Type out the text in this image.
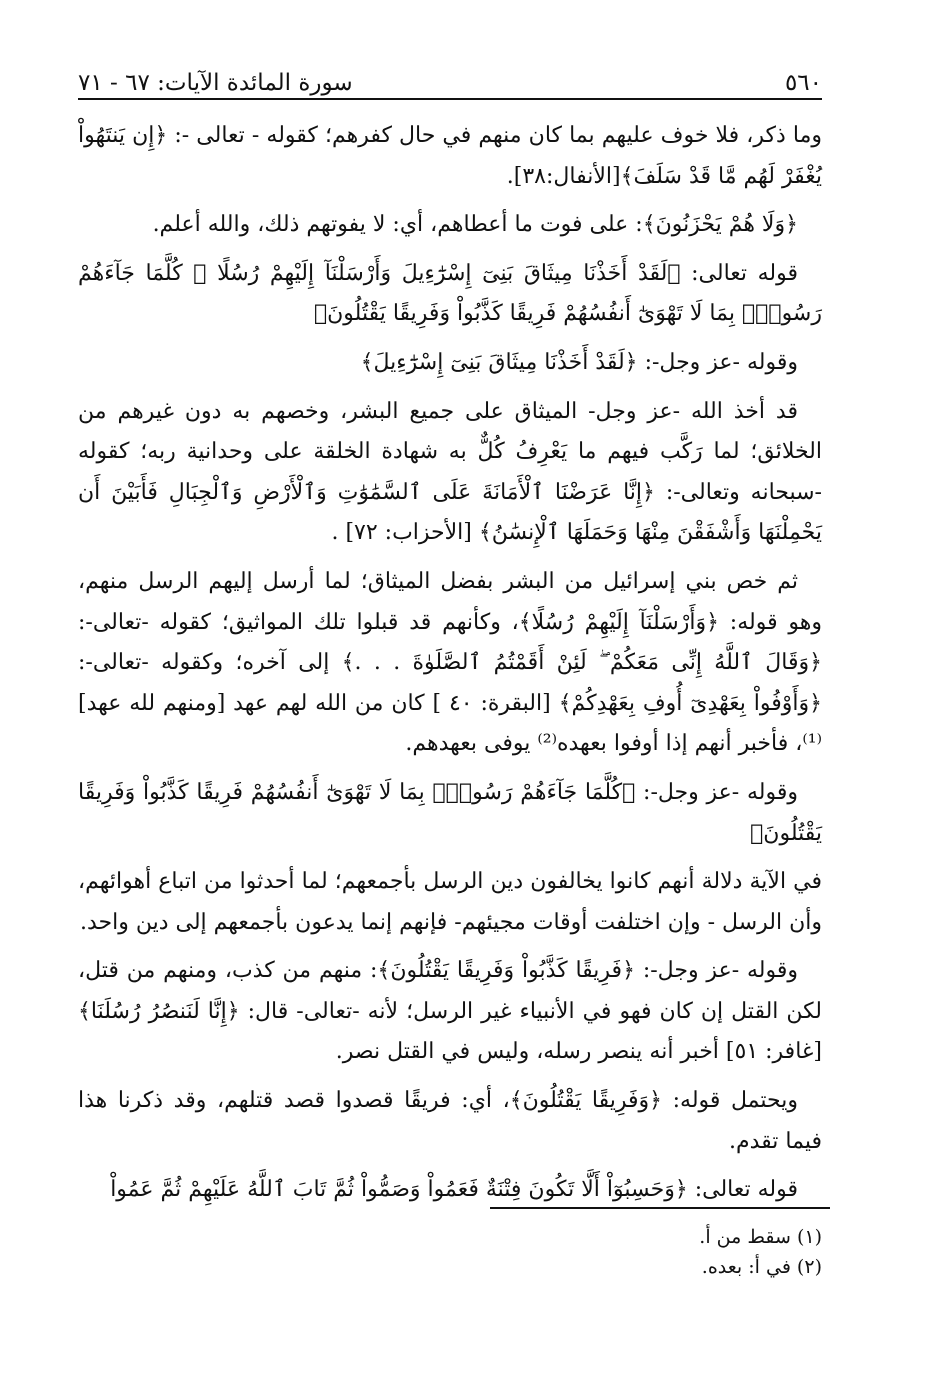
٥٦٠
سورة المائدة الآيات: ٦٧ - ٧١

وما ذكر، فلا خوف عليهم بما كان منهم في حال كفرهم؛ كقوله - تعالى -: ﴿إِن يَنتَهُواْ يُغْفَرْ لَهُم مَّا قَدْ سَلَفَ﴾[الأنفال:٣٨].

﴿وَلَا هُمْ يَحْزَنُونَ﴾: على فوت ما أعطاهم، أي: لا يفوتهم ذلك، والله أعلم.

قوله تعالى: ﴿لَقَدْ أَخَذْنَا مِيثَاقَ بَنِىٓ إِسْرَٰٓءِيلَ وَأَرْسَلْنَآ إِلَيْهِمْ رُسُلًا ۖ كُلَّمَا جَآءَهُمْ رَسُولٌۢ بِمَا لَا تَهْوَىٰٓ أَنفُسُهُمْ فَرِيقًا كَذَّبُواْ وَفَرِيقًا يَقْتُلُونَ﴾

وقوله -عز وجل-: ﴿لَقَدْ أَخَذْنَا مِيثَاقَ بَنِىٓ إِسْرَٰٓءِيلَ﴾

قد أخذ الله -عز وجل- الميثاق على جميع البشر، وخصهم به دون غيرهم من الخلائق؛ لما رَكَّب فيهم ما يَعْرِفُ كُلٌّ به شهادة الخلقة على وحدانية ربه؛ كقوله -سبحانه وتعالى-: ﴿إِنَّا عَرَضْنَا ٱلْأَمَانَةَ عَلَى ٱلسَّمَٰوَٰتِ وَٱلْأَرْضِ وَٱلْجِبَالِ فَأَبَيْنَ أَن يَحْمِلْنَهَا وَأَشْفَقْنَ مِنْهَا وَحَمَلَهَا ٱلْإِنسَٰنُ﴾ [الأحزاب: ٧٢] .

ثم خص بني إسرائيل من البشر بفضل الميثاق؛ لما أرسل إليهم الرسل منهم، وهو قوله: ﴿وَأَرْسَلْنَآ إِلَيْهِمْ رُسُلًا﴾، وكأنهم قد قبلوا تلك المواثيق؛ كقوله -تعالى-: ﴿وَقَالَ ٱللَّهُ إِنِّى مَعَكُمْ ۖ لَئِنْ أَقَمْتُمُ ٱلصَّلَوٰةَ . . .﴾ إلى آخره؛ وكقوله -تعالى-: ﴿وَأَوْفُواْ بِعَهْدِىٓ أُوفِ بِعَهْدِكُمْ﴾ [البقرة: ٤٠ ] كان من الله لهم عهد [ومنهم لله عهد]⁽¹⁾، فأخبر أنهم إذا أوفوا بعهده⁽²⁾ يوفى بعهدهم.

وقوله -عز وجل-: ﴿كُلَّمَا جَآءَهُمْ رَسُولٌۢ بِمَا لَا تَهْوَىٰٓ أَنفُسُهُمْ فَرِيقًا كَذَّبُواْ وَفَرِيقًا يَقْتُلُونَ﴾

في الآية دلالة أنهم كانوا يخالفون دين الرسل بأجمعهم؛ لما أحدثوا من اتباع أهوائهم، وأن الرسل - وإن اختلفت أوقات مجيئهم- فإنهم إنما يدعون بأجمعهم إلى دين واحد.

وقوله -عز وجل-: ﴿فَرِيقًا كَذَّبُواْ وَفَرِيقًا يَقْتُلُونَ﴾: منهم من كذب، ومنهم من قتل، لكن القتل إن كان فهو في الأنبياء غير الرسل؛ لأنه -تعالى- قال: ﴿إِنَّا لَنَنصُرُ رُسُلَنَا﴾ [غافر: ٥١] أخبر أنه ينصر رسله، وليس في القتل نصر.

ويحتمل قوله: ﴿وَفَرِيقًا يَقْتُلُونَ﴾، أي: فريقًا قصدوا قصد قتلهم، وقد ذكرنا هذا فيما تقدم.

قوله تعالى: ﴿وَحَسِبُوٓاْ أَلَّا تَكُونَ فِتْنَةٌ فَعَمُواْ وَصَمُّواْ ثُمَّ تَابَ ٱللَّهُ عَلَيْهِمْ ثُمَّ عَمُواْ

(١) سقط من أ.

(٢) في أ: بعده.
